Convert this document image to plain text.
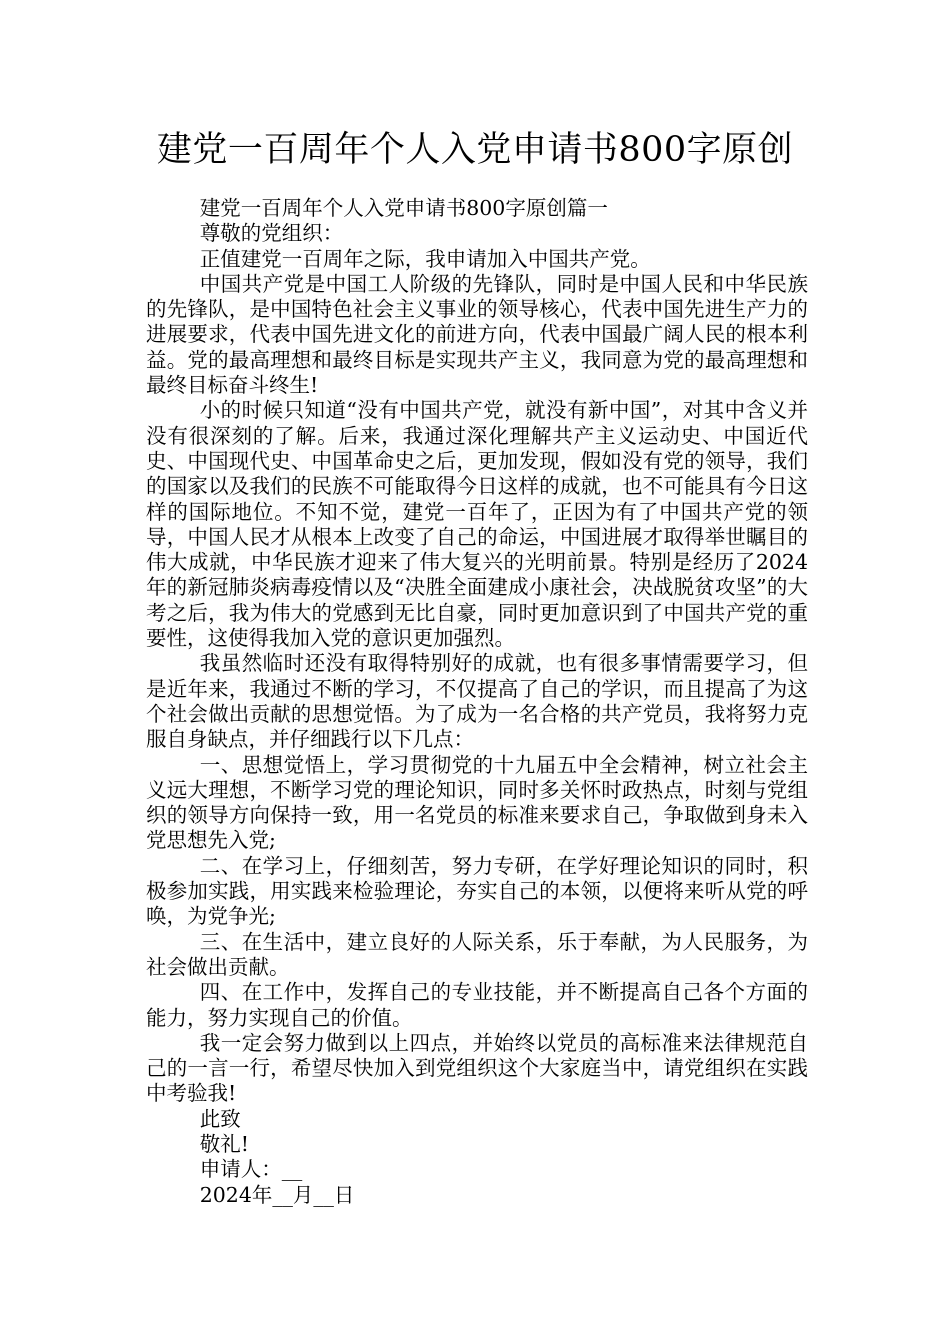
建党一百周年个人入党申请书800字原创

建党一百周年个人入党申请书800字原创篇一

尊敬的党组织：

正值建党一百周年之际，我申请加入中国共产党。

中国共产党是中国工人阶级的先锋队，同时是中国人民和中华民族的先锋队，是中国特色社会主义事业的领导核心，代表中国先进生产力的进展要求，代表中国先进文化的前进方向，代表中国最广阔人民的根本利益。党的最高理想和最终目标是实现共产主义，我同意为党的最高理想和最终目标奋斗终生!

小的时候只知道“没有中国共产党，就没有新中国”，对其中含义并没有很深刻的了解。后来，我通过深化理解共产主义运动史、中国近代史、中国现代史、中国革命史之后，更加发现，假如没有党的领导，我们的国家以及我们的民族不可能取得今日这样的成就，也不可能具有今日这样的国际地位。不知不觉，建党一百年了，正因为有了中国共产党的领导，中国人民才从根本上改变了自己的命运，中国进展才取得举世瞩目的伟大成就，中华民族才迎来了伟大复兴的光明前景。特别是经历了2024年的新冠肺炎病毒疫情以及“决胜全面建成小康社会，决战脱贫攻坚”的大考之后，我为伟大的党感到无比自豪，同时更加意识到了中国共产党的重要性，这使得我加入党的意识更加强烈。

我虽然临时还没有取得特别好的成就，也有很多事情需要学习，但是近年来，我通过不断的学习，不仅提高了自己的学识，而且提高了为这个社会做出贡献的思想觉悟。为了成为一名合格的共产党员，我将努力克服自身缺点，并仔细践行以下几点：

一、思想觉悟上，学习贯彻党的十九届五中全会精神，树立社会主义远大理想，不断学习党的理论知识，同时多关怀时政热点，时刻与党组织的领导方向保持一致，用一名党员的标准来要求自己，争取做到身未入党思想先入党;

二、在学习上，仔细刻苦，努力专研，在学好理论知识的同时，积极参加实践，用实践来检验理论，夯实自己的本领，以便将来听从党的呼唤，为党争光;

三、在生活中，建立良好的人际关系，乐于奉献，为人民服务，为社会做出贡献。

四、在工作中，发挥自己的专业技能，并不断提高自己各个方面的能力，努力实现自己的价值。

我一定会努力做到以上四点，并始终以党员的高标准来法律规范自己的一言一行，希望尽快加入到党组织这个大家庭当中，请党组织在实践中考验我!

此致

敬礼!

申请人：__

2024年__月__日
